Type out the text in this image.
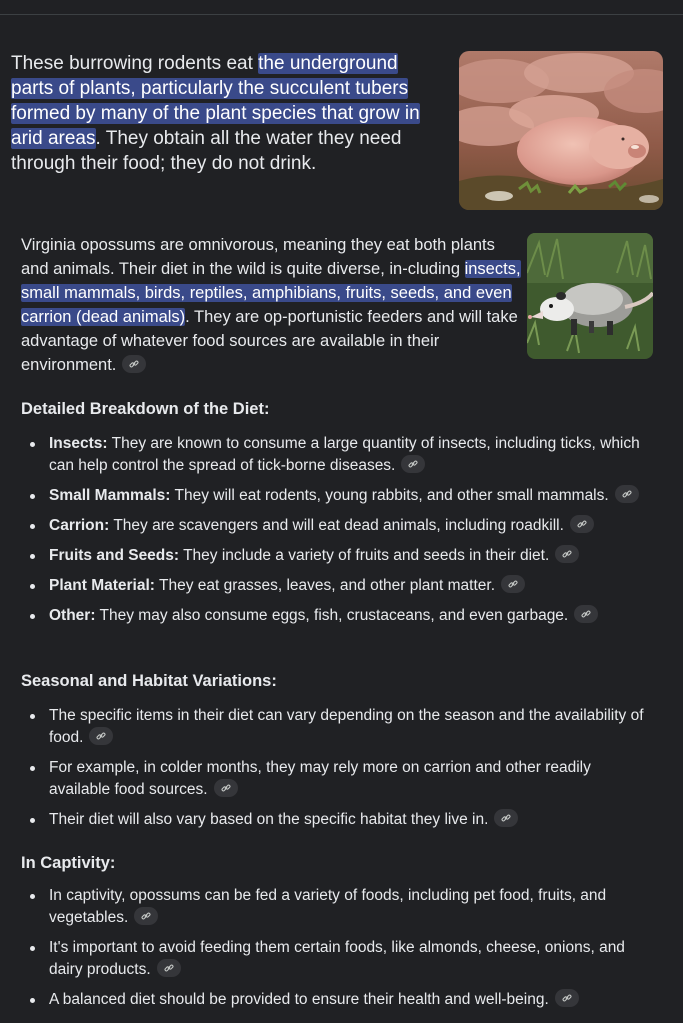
These burrowing rodents eat the underground parts of plants, particularly the succulent tubers formed by many of the plant species that grow in arid areas. They obtain all the water they need through their food; they do not drink.
Virginia opossums are omnivorous, meaning they eat both plants and animals. Their diet in the wild is quite diverse, in-cluding insects, small mammals, birds, reptiles, amphibians, fruits, seeds, and even carrion (dead animals). They are op-portunistic feeders and will take advantage of whatever food sources are available in their environment.
Detailed Breakdown of the Diet:
Insects: They are known to consume a large quantity of insects, including ticks, which can help control the spread of tick-borne diseases.
Small Mammals: They will eat rodents, young rabbits, and other small mammals.
Carrion: They are scavengers and will eat dead animals, including roadkill.
Fruits and Seeds: They include a variety of fruits and seeds in their diet.
Plant Material: They eat grasses, leaves, and other plant matter.
Other: They may also consume eggs, fish, crustaceans, and even garbage.
Seasonal and Habitat Variations:
The specific items in their diet can vary depending on the season and the availability of food.
For example, in colder months, they may rely more on carrion and other readily available food sources.
Their diet will also vary based on the specific habitat they live in.
In Captivity:
In captivity, opossums can be fed a variety of foods, including pet food, fruits, and vegetables.
It's important to avoid feeding them certain foods, like almonds, cheese, onions, and dairy products.
A balanced diet should be provided to ensure their health and well-being.
